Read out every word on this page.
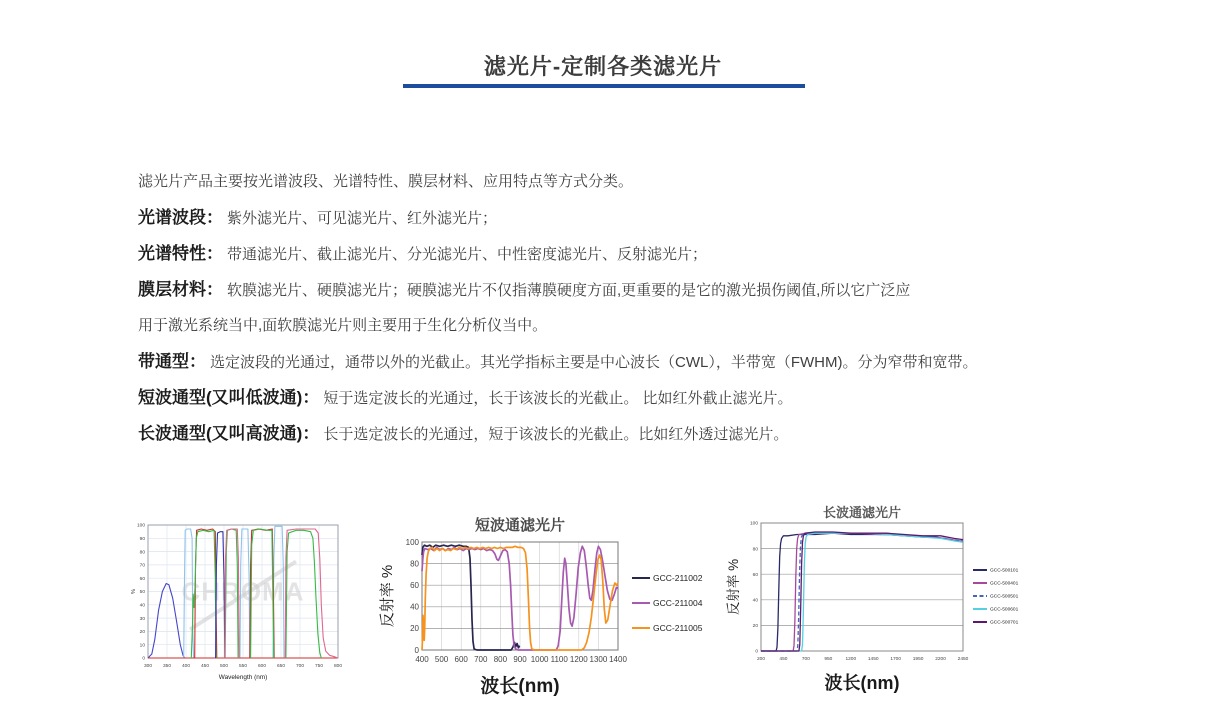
滤光片-定制各类滤光片

滤光片产品主要按光谱波段、光谱特性、膜层材料、应用特点等方式分类。

光谱波段： 紫外滤光片、可见滤光片、红外滤光片；

光谱特性： 带通滤光片、截止滤光片、分光滤光片、中性密度滤光片、反射滤光片；

膜层材料： 软膜滤光片、硬膜滤光片；硬膜滤光片不仅指薄膜硬度方面,更重要的是它的激光损伤阈值,所以它广泛应

用于激光系统当中,面软膜滤光片则主要用于生化分析仪当中。

带通型： 选定波段的光通过，通带以外的光截止。其光学指标主要是中心波长（CWL），半带宽（FWHM)。分为窄带和宽带。

短波通型(又叫低波通)： 短于选定波长的光通过，长于该波长的光截止。 比如红外截止滤光片。

长波通型(又叫高波通)： 长于选定波长的光通过，短于该波长的光截止。比如红外透过滤光片。

300 350 400 450 500 550 600 650 700 750 800
0
10
20
30
40
50
60
70
80
90
100
CHROMA
Wavelength (nm)
%
400 500 600 700 800 900 1000 1100 1200 1300 1400
0
20
40
60
80
100
短波通滤光片
波长(nm)
反射率 %	GCC-211002
GCC-211004
GCC-211005
200	450	700	950	1200 1450 1700 1950 2200 2450
0
20
40
60
80
100
长波通滤光片
波长(nm)
反射率 %	GCC-500101
GCC-500401
GCC-500501
GCC-500601
GCC-500701
